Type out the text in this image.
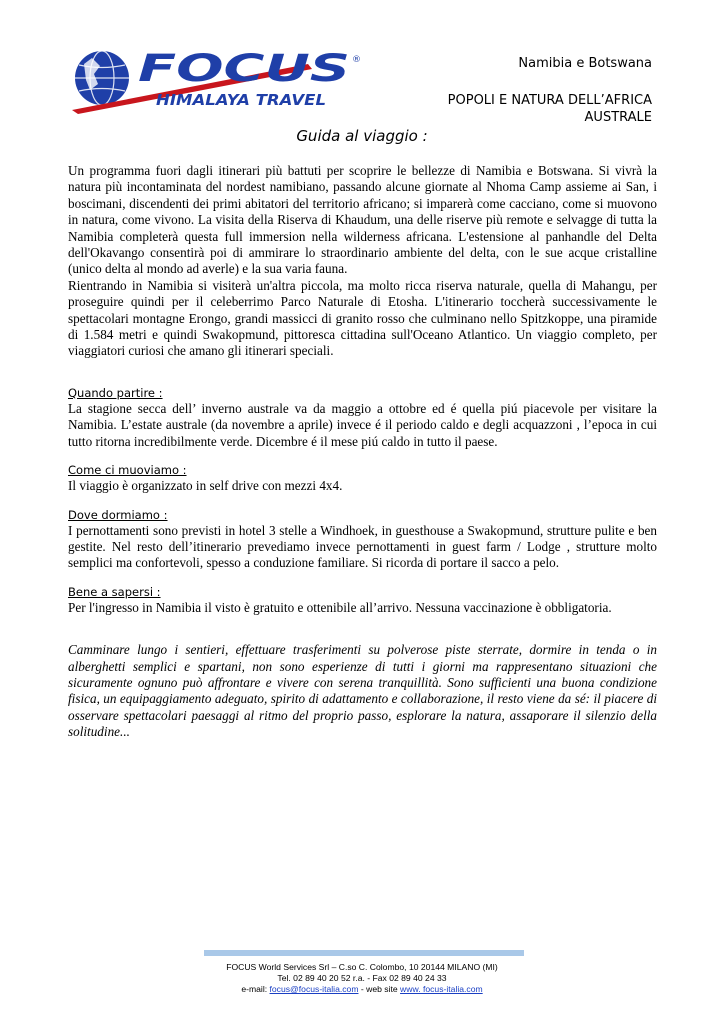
FOCUS
HIMALAYA TRAVEL
®	Namibia e Botswana
POPOLI E NATURA DELL’AFRICA AUSTRALE
Guida al viaggio :

Un programma fuori dagli itinerari più battuti per scoprire le bellezze di Namibia e Botswana. Si vivrà la natura più incontaminata del nordest namibiano, passando alcune giornate al Nhoma Camp assieme ai San, i boscimani, discendenti dei primi abitatori del territorio africano; si imparerà come cacciano, come si muovono in natura, come vivono. La visita della Riserva di Khaudum, una delle riserve più remote e selvagge di tutta la Namibia completerà questa full immersion nella wilderness africana. L'estensione al panhandle del Delta dell'Okavango consentirà poi di ammirare lo straordinario ambiente del delta, con le sue acque cristalline (unico delta al mondo ad averle) e la sua varia fauna.

Rientrando in Namibia si visiterà un'altra piccola, ma molto ricca riserva naturale, quella di Mahangu, per proseguire quindi per il celeberrimo Parco Naturale di Etosha. L'itinerario toccherà successivamente le spettacolari montagne Erongo, grandi massicci di granito rosso che culminano nello Spitzkoppe, una piramide di 1.584 metri e quindi Swakopmund, pittoresca cittadina sull'Oceano Atlantico. Un viaggio completo, per viaggiatori curiosi che amano gli itinerari speciali.

Quando partire :

La stagione secca dell’ inverno australe va da maggio a ottobre ed é quella piú piacevole per visitare la Namibia. L’estate australe (da novembre a aprile) invece é il periodo caldo e degli acquazzoni , l’epoca in cui tutto ritorna incredibilmente verde. Dicembre é il mese piú caldo in tutto il paese.

Come ci muoviamo :

Il viaggio è organizzato in self drive con mezzi 4x4.

Dove dormiamo :

I pernottamenti sono previsti in hotel 3 stelle a Windhoek, in guesthouse a Swakopmund, strutture pulite e ben gestite. Nel resto dell’itinerario prevediamo invece pernottamenti in guest farm / Lodge , strutture molto semplici ma confortevoli, spesso a conduzione familiare. Si ricorda di portare il sacco a pelo.

Bene a sapersi :

Per l'ingresso in Namibia il visto è gratuito e ottenibile all’arrivo. Nessuna vaccinazione è obbligatoria.

Camminare lungo i sentieri, effettuare trasferimenti su polverose piste sterrate, dormire in tenda o in alberghetti semplici e spartani, non sono esperienze di tutti i giorni ma rappresentano situazioni che sicuramente ognuno può affrontare e vivere con serena tranquillità. Sono sufficienti una buona condizione fisica, un equipaggiamento adeguato, spirito di adattamento e collaborazione, il resto viene da sé: il piacere di osservare spettacolari paesaggi al ritmo del proprio passo, esplorare la natura, assaporare il silenzio della solitudine...

FOCUS World Services Srl – C.so C. Colombo, 10 20144 MILANO (MI)
Tel. 02 89 40 20 52 r.a. - Fax 02 89 40 24 33
e-mail: focus@focus-italia.com - web site www. focus-italia.com
